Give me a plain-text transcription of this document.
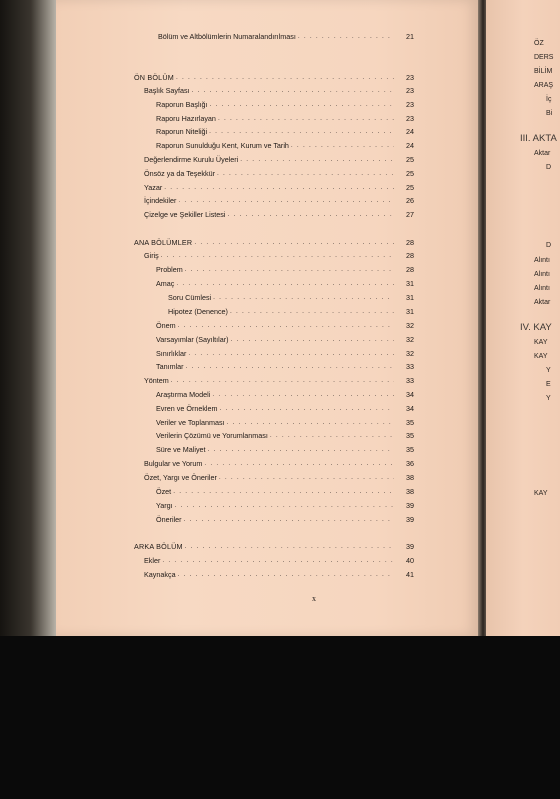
x
Bölüm ve Altbölümlerin Numaralandırılması . . .	21
ÖN BÖLÜM . . .	23
Başlık Sayfası . . .	23
Raporun Başlığı . . .	23
Raporu Hazırlayan . . .	23
Raporun Niteliği . . .	24
Raporun Sunulduğu Kent, Kurum ve Tarih . . .	24
Değerlendirme Kurulu Üyeleri . . .	25
Önsöz ya da Teşekkür . . .	25
Yazar . . .	25
İçindekiler . . .	26
Çizelge ve Şekiller Listesi . . .	27
ANA BÖLÜMLER . . .	28
Giriş . . .	28
Problem . . .	28
Amaç . . .	31
Soru Cümlesi . . .	31
Hipotez (Denence) . . .	31
Önem . . .	32
Varsayımlar (Sayıltılar) . . .	32
Sınırlıklar . . .	32
Tanımlar . . .	33
Yöntem . . .	33
Araştırma Modeli . . .	34
Evren ve Örneklem . . .	34
Veriler ve Toplanması . . .	35
Verilerin Çözümü ve Yorumlanması . . .	35
Süre ve Maliyet . . .	35
Bulgular ve Yorum . . .	36
Özet, Yargı ve Öneriler . . .	38
Özet . . .	38
Yargı . . .	39
Öneriler . . .	39
ARKA BÖLÜM . . .	39
Ekler . . .	40
Kaynakça . . .	41
ÖZ
DERS
BİLİM
ARAŞ
İç
Bi
III. AKTA
Aktar
D
D
Alıntı
Alıntı
Alıntı
Aktar
IV. KAY
KAY
KAY
Y
E
Y
KAY
